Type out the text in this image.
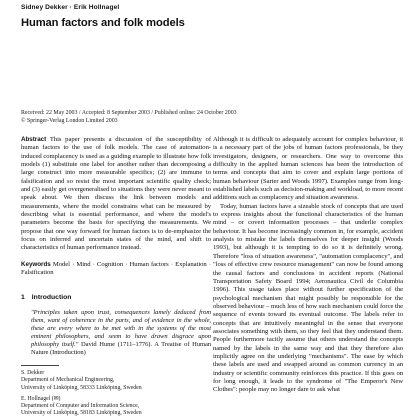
Sidney Dekker · Erik Hollnagel
Human factors and folk models
Received: 22 May 2003 / Accepted: 8 September 2003 / Published online: 24 October 2003
© Springer-Verlag London Limited 2003

Abstract This paper presents a discussion of the susceptibility of human factors to the use of folk models. The case of automation-induced complacency is used as a guiding example to illustrate how folk models (1) substitute one label for another rather than decomposing a large construct into more measurable specifics; (2) are immune to falsification and so resist the most important scientific quality check; and (3) easily get overgeneralised to situations they were never meant to speak about. We then discuss the link between models and measurements, where the model constrains what can be measured by describing what is essential performance, and where the model's parameters become the basis for specifying the measurements. We propose that one way forward for human factors is to de-emphasize the focus on inferred and uncertain states of the mind, and shift to characteristics of human performance instead.

Keywords Model · Mind · Cognition · Human factors · Explanation · Falsification

1 Introduction
"Principles taken upon trust, consequences lamely deduced from them, want of coherence in the parts, and of evidence in the whole, these are every where to be met with in the systems of the most eminent philosophers, and seem to have drawn disgrace upon philosophy itself." David Hume (1711–1776). A Treatise of Human Nature (Introduction)
S. Dekker
Department of Mechanical Engineering,
University of Linköping, 58333 Linköping, Sweden
E. Hollnagel (✉)
Department of Computer and Information Science,
University of Linköping, 58183 Linköping, Sweden

Although it is difficult to adequately account for complex behaviour, it is a necessary part of the jobs of human factors professionals, be they investigators, designers, or researchers. One way to overcome this difficulty in the applied human sciences has been the introduction of terms and concepts that aim to cover and explain large portions of human behaviour (Sarter and Woods 1997). Examples range from long-established labels such as decision-making and workload, to more recent additions such as complacency and situation awareness.

Today, human factors have a sizeable stock of concepts that are used to express insights about the functional characteristics of the human mind – or covert information processes – that underlie complex behaviour. It has become increasingly common in, for example, accident analysis to mistake the labels themselves for deeper insight (Woods 1993), but although it is tempting to do so it is definitely wrong. Therefore "loss of situation awareness", "automation complacency", and "loss of effective crew resource management" can now be found among the causal factors and conclusions in accident reports (National Transportation Safety Board 1994; Aeronautica Civil de Columbia 1996). This usage takes place without further specification of the psychological mechanism that might possibly be responsible for the observed behaviour – much less of how such mechanism could force the sequence of events toward its eventual outcome. The labels refer to concepts that are intuitively meaningful in the sense that everyone associates something with them, so they feel that they understand them. People furthermore tacitly assume that others understand the concepts named by the labels in the same way and that they therefore also implicitly agree on the underlying "mechanisms". The ease by which these labels are used and swapped around as common currency in an industry or scientific community reinforces this practice. If this goes on for long enough, it leads to the syndrome of "The Emperor's New Clothes": people may no longer dare to ask what
